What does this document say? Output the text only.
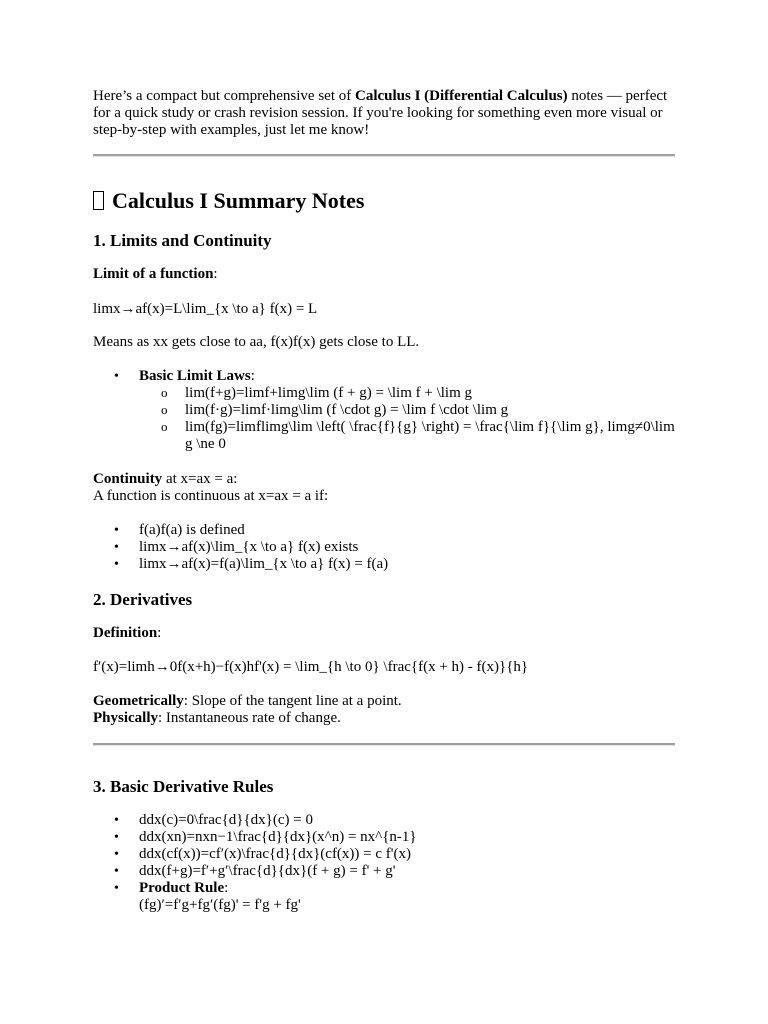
Here’s a compact but comprehensive set of Calculus I (Differential Calculus) notes — perfect for a quick study or crash revision session. If you're looking for something even more visual or step-by-step with examples, just let me know!

Calculus I Summary Notes
1. Limits and Continuity

Limit of a function:

limx→af(x)=L\lim_{x \to a} f(x) = L

Means as xx gets close to aa, f(x)f(x) gets close to LL.

• Basic Limit Laws:
o lim(f+g)=limf+limg\lim (f + g) = \lim f + \lim g
o lim(f·g)=limf·limg\lim (f \cdot g) = \lim f \cdot \lim g
o lim(fg)=limflimg\lim \left( \frac{f}{g} \right) = \frac{\lim f}{\lim g}, limg≠0\lim g \ne 0

Continuity at x=ax = a:

A function is continuous at x=ax = a if:

• f(a)f(a) is defined
• limx→af(x)\lim_{x \to a} f(x) exists
• limx→af(x)=f(a)\lim_{x \to a} f(x) = f(a)
2. Derivatives

Definition:

f′(x)=limh→0f(x+h)−f(x)hf'(x) = \lim_{h \to 0} \frac{f(x + h) - f(x)}{h}

Geometrically: Slope of the tangent line at a point.

Physically: Instantaneous rate of change.

3. Basic Derivative Rules
• ddx(c)=0\frac{d}{dx}(c) = 0
• ddx(xn)=nxn−1\frac{d}{dx}(x^n) = nx^{n-1}
• ddx(cf(x))=cf′(x)\frac{d}{dx}(cf(x)) = c f'(x)
• ddx(f+g)=f′+g′\frac{d}{dx}(f + g) = f' + g'
• Product Rule:
(fg)′=f′g+fg′(fg)' = f'g + fg'
